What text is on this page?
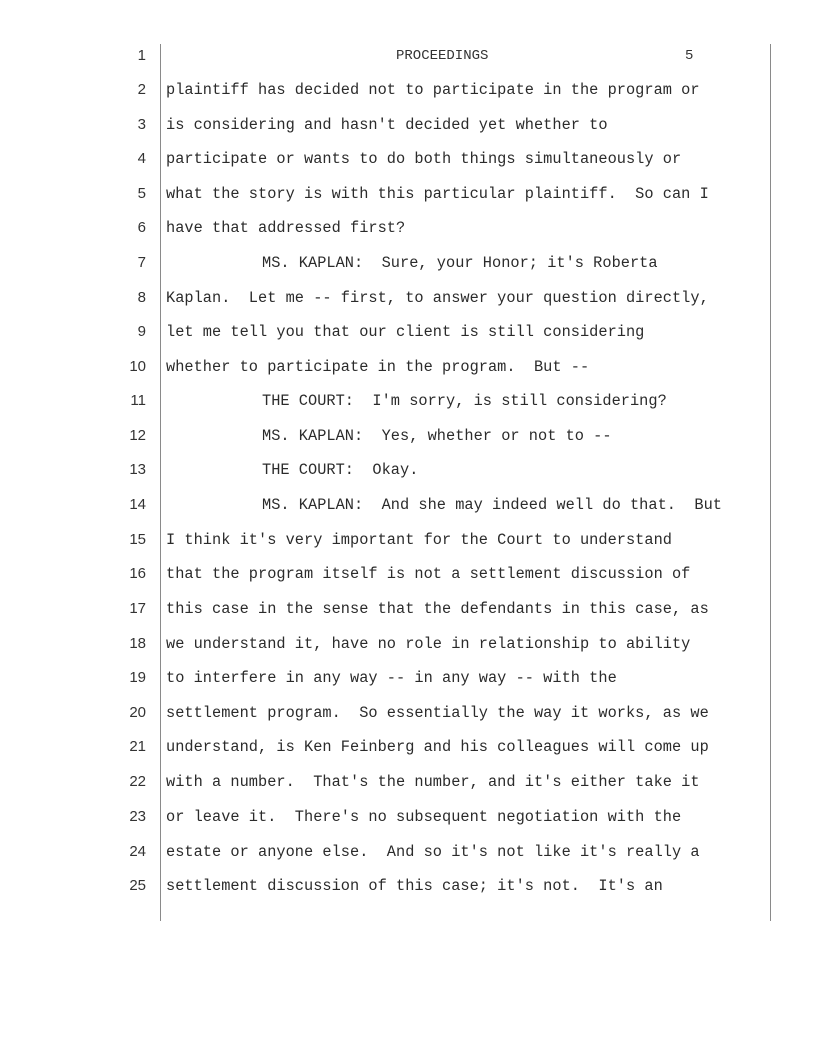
1	PROCEEDINGS	5
2 plaintiff has decided not to participate in the program or
3 is considering and hasn't decided yet whether to
4 participate or wants to do both things simultaneously or
5 what the story is with this particular plaintiff.  So can I
6 have that addressed first?
7	MS. KAPLAN:  Sure, your Honor; it's Roberta
8 Kaplan.  Let me -- first, to answer your question directly,
9 let me tell you that our client is still considering
10 whether to participate in the program.  But --
11	THE COURT:  I'm sorry, is still considering?
12	MS. KAPLAN:  Yes, whether or not to --
13	THE COURT:  Okay.
14	MS. KAPLAN:  And she may indeed well do that.  But
15 I think it's very important for the Court to understand
16 that the program itself is not a settlement discussion of
17 this case in the sense that the defendants in this case, as
18 we understand it, have no role in relationship to ability
19 to interfere in any way -- in any way -- with the
20 settlement program.  So essentially the way it works, as we
21 understand, is Ken Feinberg and his colleagues will come up
22 with a number.  That's the number, and it's either take it
23 or leave it.  There's no subsequent negotiation with the
24 estate or anyone else.  And so it's not like it's really a
25 settlement discussion of this case; it's not.  It's an
